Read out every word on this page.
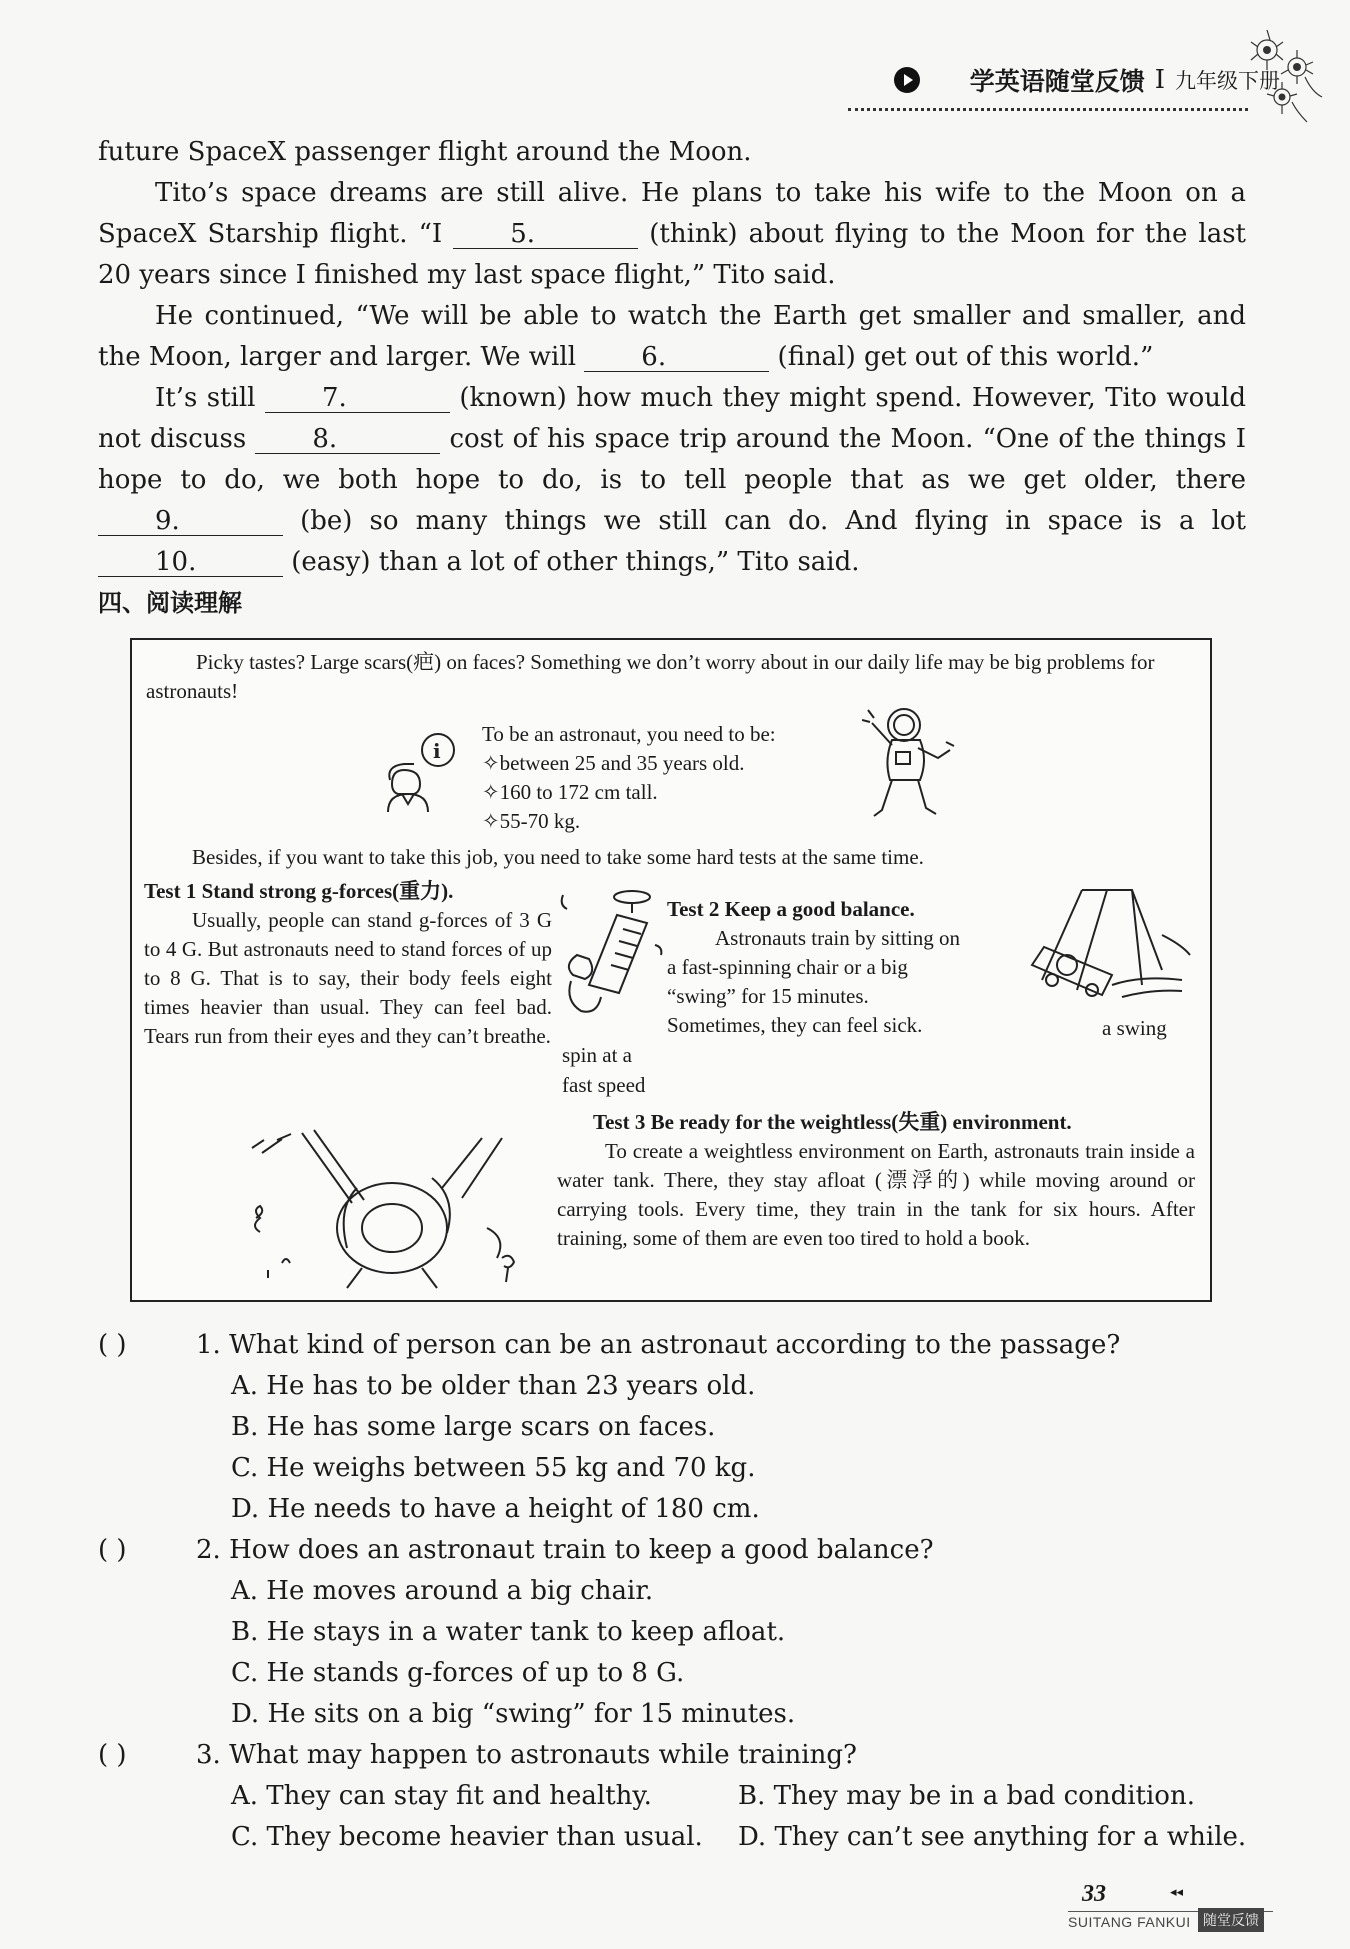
学英语随堂反馈 I 九年级下册

future SpaceX passenger flight around the Moon.

Tito’s space dreams are still alive. He plans to take his wife to the Moon on a SpaceX Starship flight. “I 5.	(think) about flying to the Moon for the last 20 years since I finished my last space flight,” Tito said.

He continued, “We will be able to watch the Earth get smaller and smaller, and the Moon, larger and larger. We will 6.	(final) get out of this world.”

It’s still 7.	(known) how much they might spend. However, Tito would not discuss 8.	cost of his space trip around the Moon. “One of the things I hope to do, we both hope to do, is to tell people that as we get older, there 9.	(be) so many things we still can do. And flying in space is a lot 10.	(easy) than a lot of other things,” Tito said.

四、阅读理解
Picky tastes? Large scars(疤) on faces? Something we don’t worry about in our daily life may be big problems for astronauts!
i
To be an astronaut, you need to be:
✧between 25 and 35 years old.
✧160 to 172 cm tall.
✧55-70 kg.
Besides, if you want to take this job, you need to take some hard tests at the same time.
Test 1 Stand strong g-forces(重力).
Usually, people can stand g-forces of 3 G to 4 G. But astronauts need to stand forces of up to 8 G. That is to say, their body feels eight times heavier than usual. They can feel bad. Tears run from their eyes and they can’t breathe.
spin at a
fast speed
Test 2 Keep a good balance.
Astronauts train by sitting on a fast-spinning chair or a big “swing” for 15 minutes. Sometimes, they can feel sick.	a swing
Test 3 Be ready for the weightless(失重) environment.
To create a weightless environment on Earth, astronauts train inside a water tank. There, they stay afloat (漂浮的) while moving around or carrying tools. Every time, they train in the tank for six hours. After training, some of them are even too tired to hold a book.
( )	1. What kind of person can be an astronaut according to the passage?
A. He has to be older than 23 years old.
B. He has some large scars on faces.
C. He weighs between 55 kg and 70 kg.
D. He needs to have a height of 180 cm.
( )	2. How does an astronaut train to keep a good balance?
A. He moves around a big chair.
B. He stays in a water tank to keep afloat.
C. He stands g-forces of up to 8 G.
D. He sits on a big “swing” for 15 minutes.
( )	3. What may happen to astronauts while training?
A. They can stay fit and healthy.	B. They may be in a bad condition.
C. They become heavier than usual. D. They can’t see anything for a while.
33	◂◂
SUITANG FANKUI 随堂反馈
